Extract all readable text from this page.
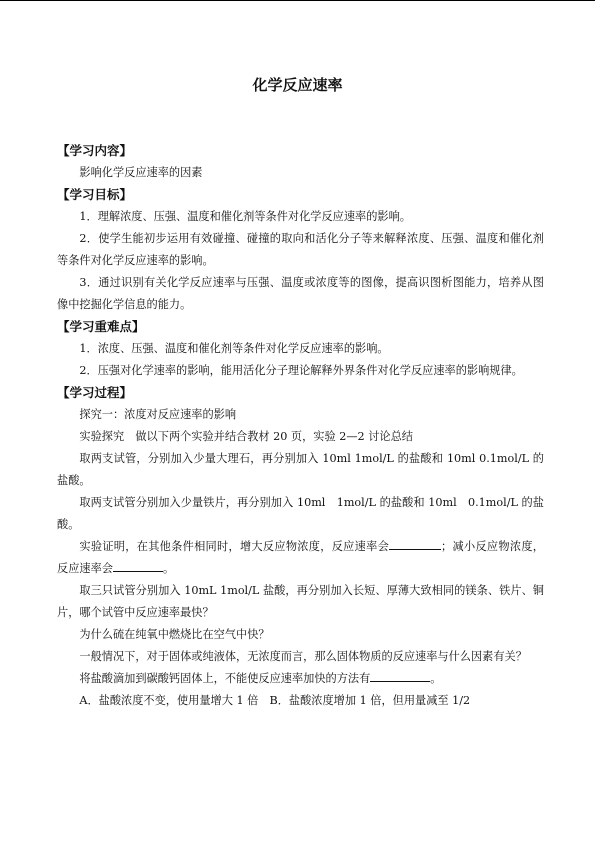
化学反应速率

【学习内容】

影响化学反应速率的因素

【学习目标】

1．理解浓度、压强、温度和催化剂等条件对化学反应速率的影响。

2．使学生能初步运用有效碰撞、碰撞的取向和活化分子等来解释浓度、压强、温度和催化剂等条件对化学反应速率的影响。

3．通过识别有关化学反应速率与压强、温度或浓度等的图像，提高识图析图能力，培养从图像中挖掘化学信息的能力。

【学习重难点】

1．浓度、压强、温度和催化剂等条件对化学反应速率的影响。

2．压强对化学速率的影响，能用活化分子理论解释外界条件对化学反应速率的影响规律。

【学习过程】

探究一：浓度对反应速率的影响

实验探究　做以下两个实验并结合教材 20 页，实验 2—2 讨论总结

取两支试管，分别加入少量大理石，再分别加入 10ml 1mol/L 的盐酸和 10ml 0.1mol/L 的盐酸。

取两支试管分别加入少量铁片，再分别加入 10ml　1mol/L 的盐酸和 10ml　0.1mol/L 的盐酸。

实验证明，在其他条件相同时，增大反应物浓度，反应速率会	；减小反应物浓度，反应速率会	。

取三只试管分别加入 10mL 1mol/L 盐酸，再分别加入长短、厚薄大致相同的镁条、铁片、铜片，哪个试管中反应速率最快？

为什么硫在纯氧中燃烧比在空气中快？

一般情况下，对于固体或纯液体，无浓度而言，那么固体物质的反应速率与什么因素有关？

将盐酸滴加到碳酸钙固体上，不能使反应速率加快的方法有	。

A．盐酸浓度不变，使用量增大 1 倍　B．盐酸浓度增加 1 倍，但用量减至 1/2
